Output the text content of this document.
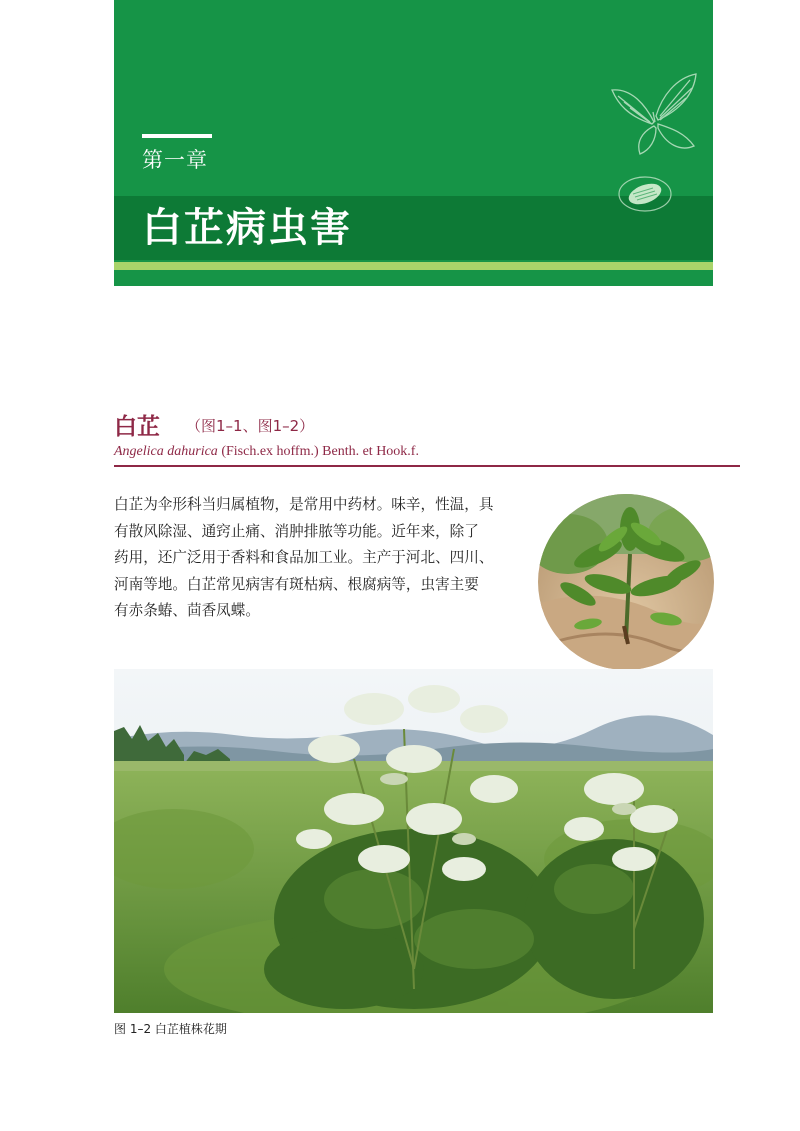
第一章
白芷病虫害
白芷 （图1–1、图1–2）
Angelica dahurica (Fisch.ex hoffm.) Benth. et Hook.f.

白芷为伞形科当归属植物，是常用中药材。味辛，性温，具
有散风除湿、通窍止痛、消肿排脓等功能。近年来，除了
药用，还广泛用于香料和食品加工业。主产于河北、四川、
河南等地。白芷常见病害有斑枯病、根腐病等，虫害主要
有赤条蝽、茴香凤蝶。

图 1–2 白芷植株花期
